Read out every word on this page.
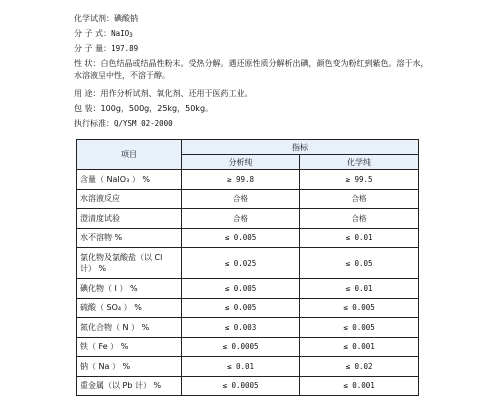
化学试剂：碘酸钠
分 子 式：NaIO3
分 子 量：197.89
性 状：白色结晶或结晶性粉末。受热分解。遇还原性质分解析出碘，颜色变为粉红到紫色。溶于水，水溶液呈中性，不溶于醇。
用 途：用作分析试剂、氧化剂、还用于医药工业。
包 装：100g，500g，25kg，50kg。
执行标准：Q/YSM 02-2000
项目	指标	
	分析纯	化学纯
含量（ NaIO₃ ） %	≥ 99.8	≥ 99.5
水溶液反应	合格	合格
澄清度试验	合格	合格
水不溶物 %	≤ 0.005	≤ 0.01
氯化物及氯酸盐（以 Cl 计） %	≤ 0.025	≤ 0.05
碘化物（ I ） %	≤ 0.005	≤ 0.01
硫酸（ SO₄ ） %	≤ 0.005	≤ 0.005
氮化合物（ N ） %	≤ 0.003	≤ 0.005
铁（ Fe ） %	≤ 0.0005	≤ 0.001
钠（ Na ） %	≤ 0.01	≤ 0.02
重金属（以 Pb 计） %	≤ 0.0005	≤ 0.001
